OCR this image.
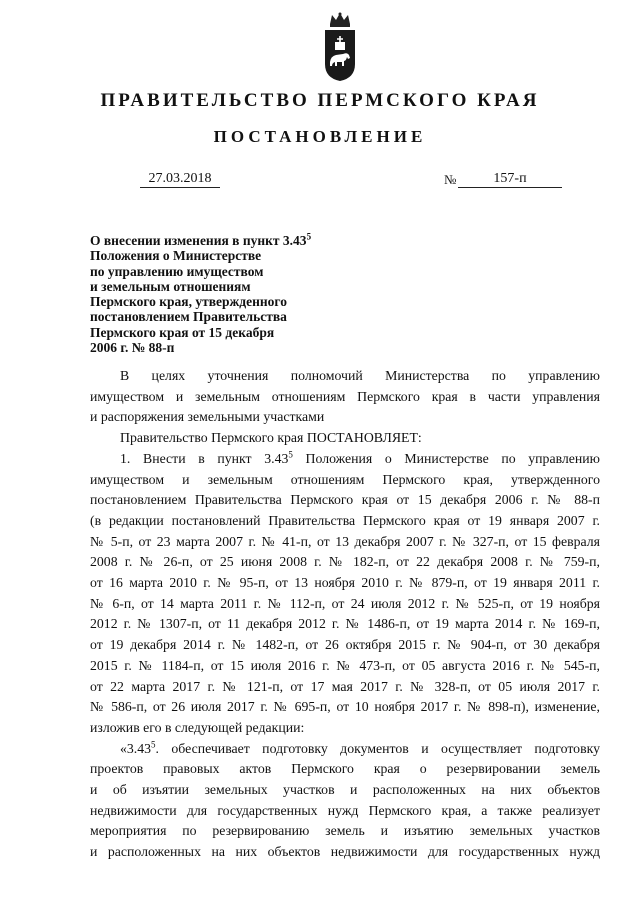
ПРАВИТЕЛЬСТВО ПЕРМСКОГО КРАЯ
ПОСТАНОВЛЕНИЕ
27.03.2018	№	157-п
О внесении изменения в пункт 3.43$^5$
Положения о Министерстве
по управлению имуществом
и земельным отношениям
Пермского края, утвержденного
постановлением Правительства
Пермского края от 15 декабря
2006 г. № 88-п
В целях уточнения полномочий Министерства по управлению
имуществом и земельным отношениям Пермского края в части управления
и распоряжения земельными участками
Правительство Пермского края ПОСТАНОВЛЯЕТ:
1. Внести в пункт 3.43$^5$ Положения о Министерстве по управлению
имуществом и земельным отношениям Пермского края, утвержденного
постановлением Правительства Пермского края от 15 декабря 2006 г. № 88-п
(в редакции постановлений Правительства Пермского края от 19 января 2007 г.
№ 5-п, от 23 марта 2007 г. № 41-п, от 13 декабря 2007 г. № 327-п, от 15 февраля
2008 г. № 26-п, от 25 июня 2008 г. № 182-п, от 22 декабря 2008 г. № 759-п,
от 16 марта 2010 г. № 95-п, от 13 ноября 2010 г. № 879-п, от 19 января 2011 г.
№ 6-п, от 14 марта 2011 г. № 112-п, от 24 июля 2012 г. № 525-п, от 19 ноября
2012 г. № 1307-п, от 11 декабря 2012 г. № 1486-п, от 19 марта 2014 г. № 169-п,
от 19 декабря 2014 г. № 1482-п, от 26 октября 2015 г. № 904-п, от 30 декабря
2015 г. № 1184-п, от 15 июля 2016 г. № 473-п, от 05 августа 2016 г. № 545-п,
от 22 марта 2017 г. № 121-п, от 17 мая 2017 г. № 328-п, от 05 июля 2017 г.
№ 586-п, от 26 июля 2017 г. № 695-п, от 10 ноября 2017 г. № 898-п), изменение,
изложив его в следующей редакции:
«3.43$^5$. обеспечивает подготовку документов и осуществляет подготовку
проектов правовых актов Пермского края о резервировании земель
и об изъятии земельных участков и расположенных на них объектов
недвижимости для государственных нужд Пермского края, а также реализует
мероприятия по резервированию земель и изъятию земельных участков
и расположенных на них объектов недвижимости для государственных нужд
